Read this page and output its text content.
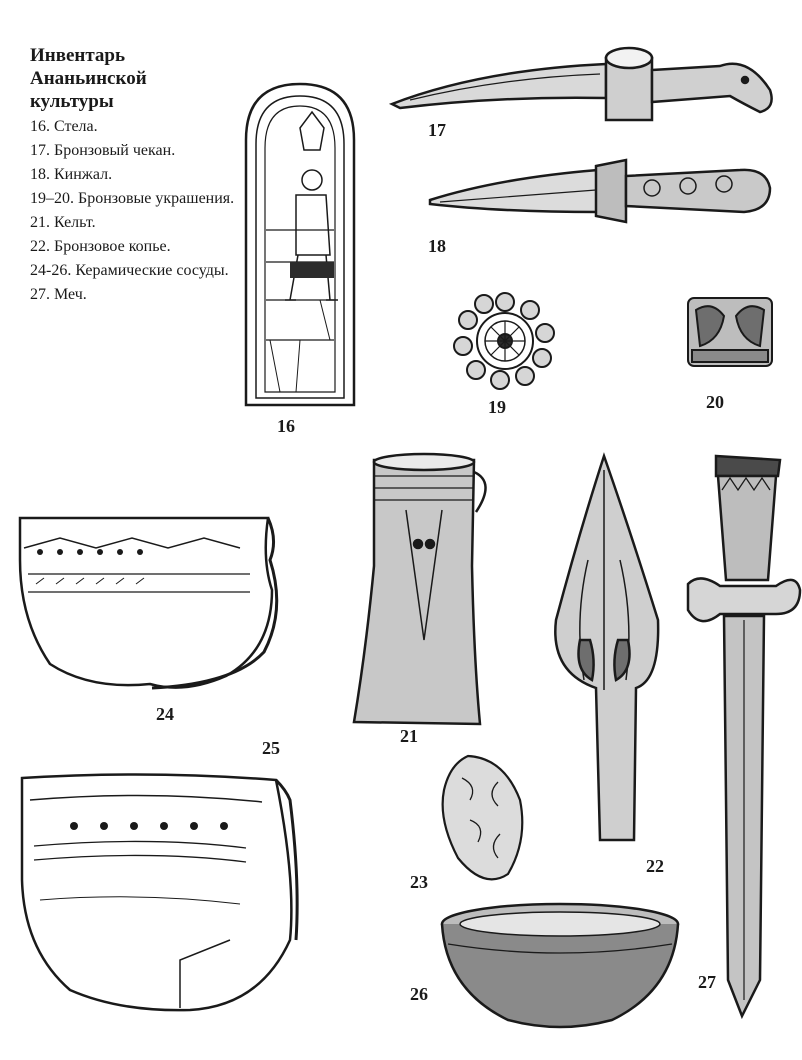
Инвентарь
Ананьинской
культуры
16. Стела.
17. Бронзовый чекан.
18. Кинжал.
19–20. Бронзовые украшения.
21. Кельт.
22. Бронзовое копье.
24-26. Керамические сосуды.
27. Меч.
16
17
18
19	20
21
22
23
24
25
26
27
